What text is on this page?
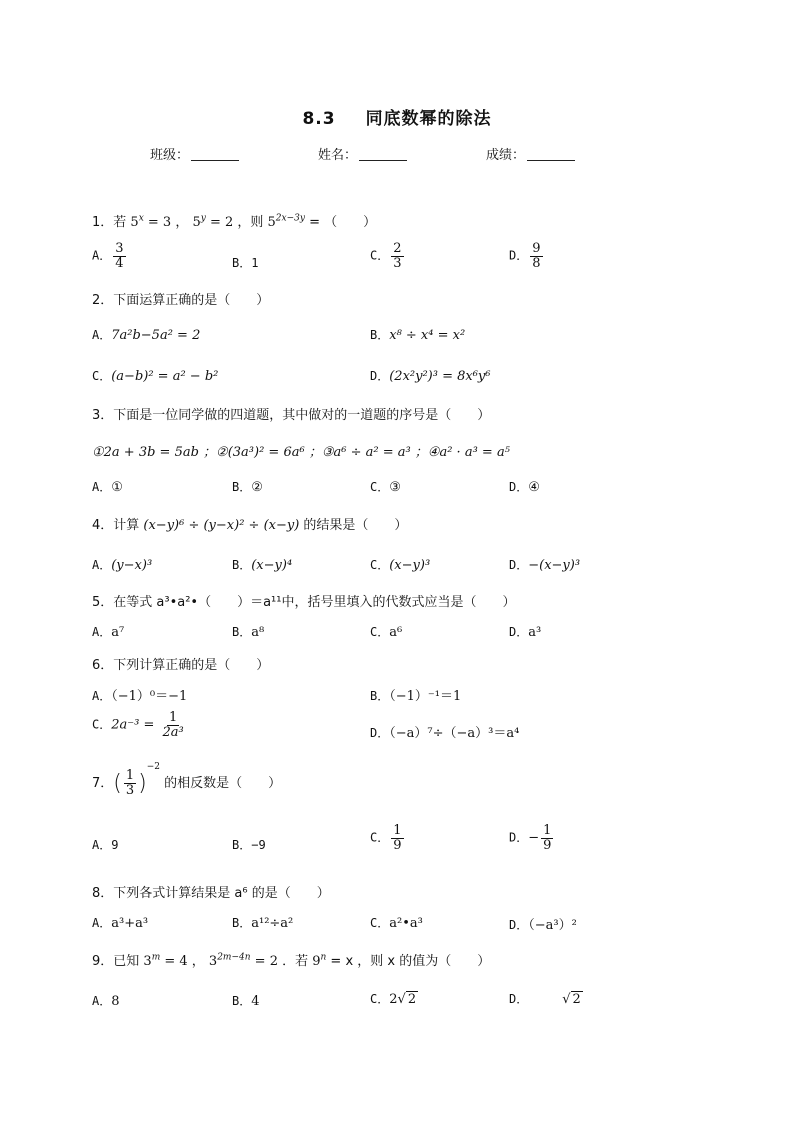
8.3 同底数幂的除法
班级：	姓名：	成绩：
1．若 $5^x = 3$ ， $5^y = 2$ ，则 $5^{2x-3y}$ = （　　）
A． $\frac{3}{4}$	B．1
C． $\frac{2}{3}$	D． $\frac{9}{8}$
2．下面运算正确的是（　　）
A．7a²b−5a² = 2	B．x⁸ ÷ x⁴ = x²
C．(a−b)² = a² − b²	D．(2x²y²)³ = 8x⁶y⁶
3．下面是一位同学做的四道题，其中做对的一道题的序号是（　　）
①2a + 3b = 5ab ；②(3a³)² = 6a⁶ ；③a⁶ ÷ a² = a³ ；④a² · a³ = a⁵
A．①	B．②	C．③	D．④
4．计算 (x−y)⁶ ÷ (y−x)² ÷ (x−y) 的结果是（　　）
A．(y−x)³	B．(x−y)⁴	C．(x−y)³	D．−(x−y)³
5．在等式 a³•a²•（　　）＝a¹¹中，括号里填入的代数式应当是（　　）
A．a⁷	B．a⁸	C．a⁶	D．a³
6．下列计算正确的是（　　）
A．（−1）⁰＝−1	B．（−1）⁻¹＝1
C．$2a^{-3} = \frac{1}{\text{2a³}}$	D．（−a）⁷÷（−a）³＝a⁴
7．( $\frac{1}{3} )^{-2}$ 的相反数是（　　）
A．9	B．−9
C． $\frac{1}{9}$	D．− $\frac{1}{9}$
8．下列各式计算结果是 a⁶ 的是（　　）
A．a³+a³	B．a¹²÷a²	C．a²•a³	D．（−a³）²
9．已知 $3^m = 4$ ， $3^{2m-4n} = 2$ ．若 $9^n = x$ ，则 x 的值为（　　）
A．8	B．4	C．2√ 2	D．	√ 2
